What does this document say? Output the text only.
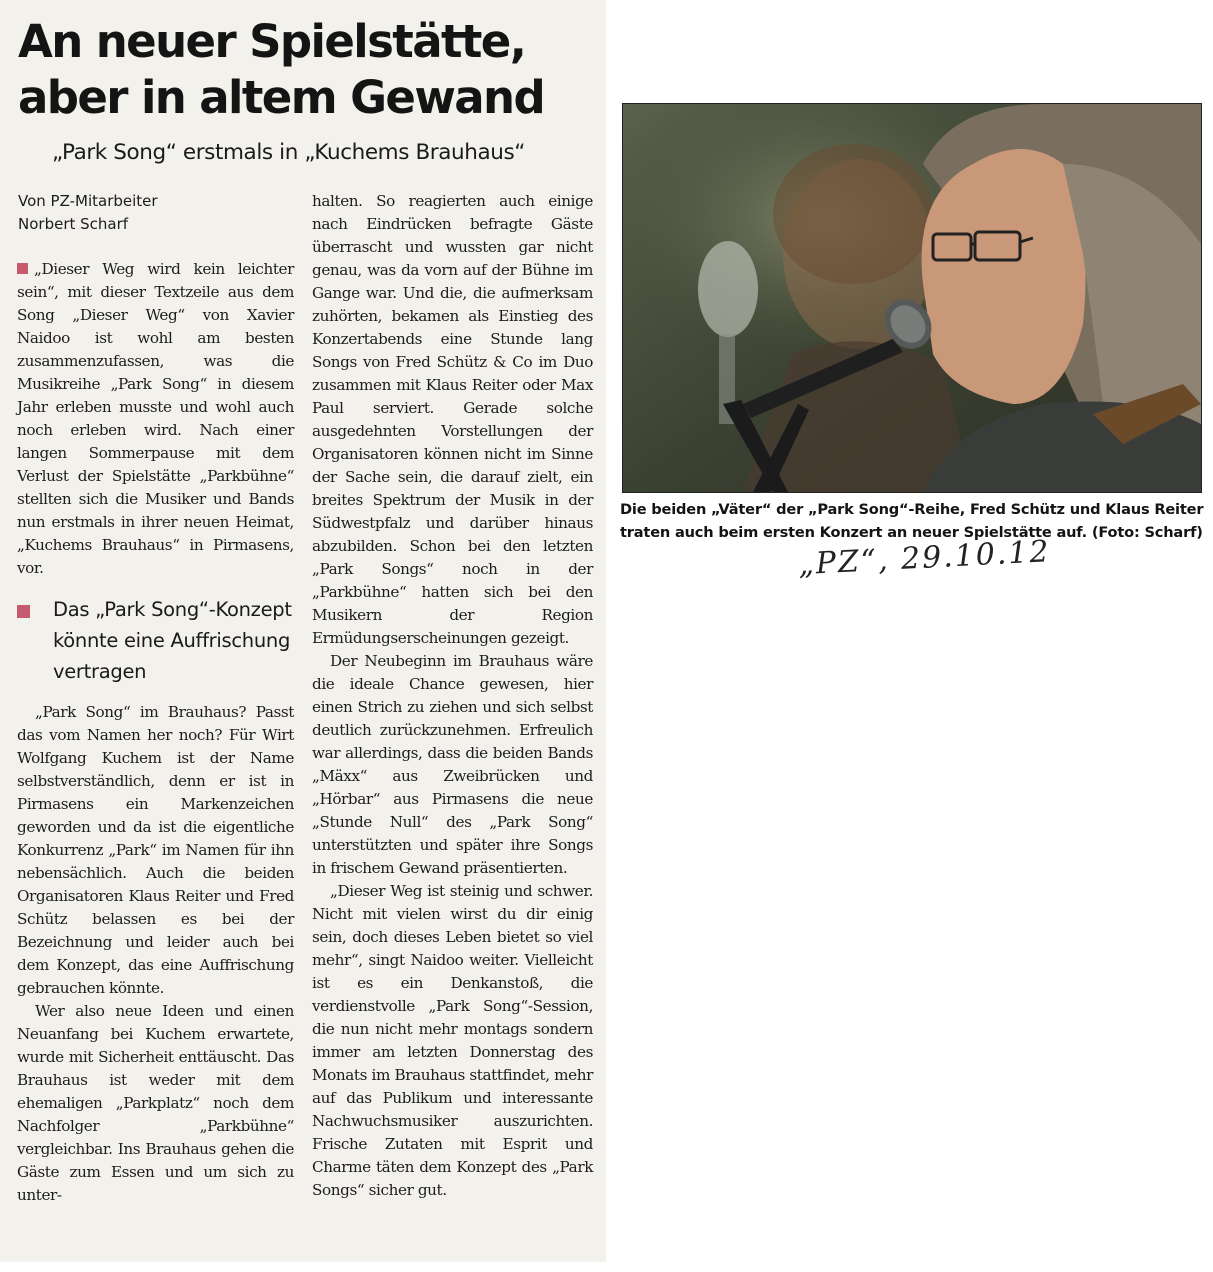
An neuer Spielstätte,
aber in altem Gewand
„Park Song“ erstmals in „Kuchems Brauhaus“
Von PZ-Mitarbeiter
Norbert Scharf

„Dieser Weg wird kein leichter sein“, mit dieser Textzeile aus dem Song „Dieser Weg“ von Xavier Naidoo ist wohl am besten zusammenzufassen, was die Musikreihe „Park Song“ in diesem Jahr erleben musste und wohl auch noch erleben wird. Nach einer langen Sommerpause mit dem Verlust der Spielstätte „Parkbühne“ stellten sich die Musiker und Bands nun erstmals in ihrer neuen Heimat, „Kuchems Brauhaus“ in Pirmasens, vor.

Das „Park Song“-Konzept könnte eine Auffrischung vertragen

„Park Song“ im Brauhaus? Passt das vom Namen her noch? Für Wirt Wolfgang Kuchem ist der Name selbstverständlich, denn er ist in Pirmasens ein Markenzeichen geworden und da ist die eigentliche Konkurrenz „Park“ im Namen für ihn nebensächlich. Auch die beiden Organisatoren Klaus Reiter und Fred Schütz belassen es bei der Bezeichnung und leider auch bei dem Konzept, das eine Auffrischung gebrauchen könnte.

Wer also neue Ideen und einen Neuanfang bei Kuchem erwartete, wurde mit Sicherheit enttäuscht. Das Brauhaus ist weder mit dem ehemaligen „Parkplatz“ noch dem Nachfolger „Parkbühne“ vergleichbar. Ins Brauhaus gehen die Gäste zum Essen und um sich zu unter-

halten. So reagierten auch einige nach Eindrücken befragte Gäste überrascht und wussten gar nicht genau, was da vorn auf der Bühne im Gange war. Und die, die aufmerksam zuhörten, bekamen als Einstieg des Konzertabends eine Stunde lang Songs von Fred Schütz & Co im Duo zusammen mit Klaus Reiter oder Max Paul serviert. Gerade solche ausgedehnten Vorstellungen der Organisatoren können nicht im Sinne der Sache sein, die darauf zielt, ein breites Spektrum der Musik in der Südwestpfalz und darüber hinaus abzubilden. Schon bei den letzten „Park Songs“ noch in der „Parkbühne“ hatten sich bei den Musikern der Region Ermüdungserscheinungen gezeigt.

Der Neubeginn im Brauhaus wäre die ideale Chance gewesen, hier einen Strich zu ziehen und sich selbst deutlich zurückzunehmen. Erfreulich war allerdings, dass die beiden Bands „Mäxx“ aus Zweibrücken und „Hörbar“ aus Pirmasens die neue „Stunde Null“ des „Park Song“ unterstützten und später ihre Songs in frischem Gewand präsentierten.

„Dieser Weg ist steinig und schwer. Nicht mit vielen wirst du dir einig sein, doch dieses Leben bietet so viel mehr“, singt Naidoo weiter. Vielleicht ist es ein Denkanstoß, die verdienstvolle „Park Song“-Session, die nun nicht mehr montags sondern immer am letzten Donnerstag des Monats im Brauhaus stattfindet, mehr auf das Publikum und interessante Nachwuchsmusiker auszurichten. Frische Zutaten mit Esprit und Charme täten dem Konzept des „Park Songs“ sicher gut.

Die beiden „Väter“ der „Park Song“-Reihe, Fred Schütz und Klaus Reiter traten auch beim ersten Konzert an neuer Spielstätte auf. (Foto: Scharf)
„PZ“, 29.10.12
